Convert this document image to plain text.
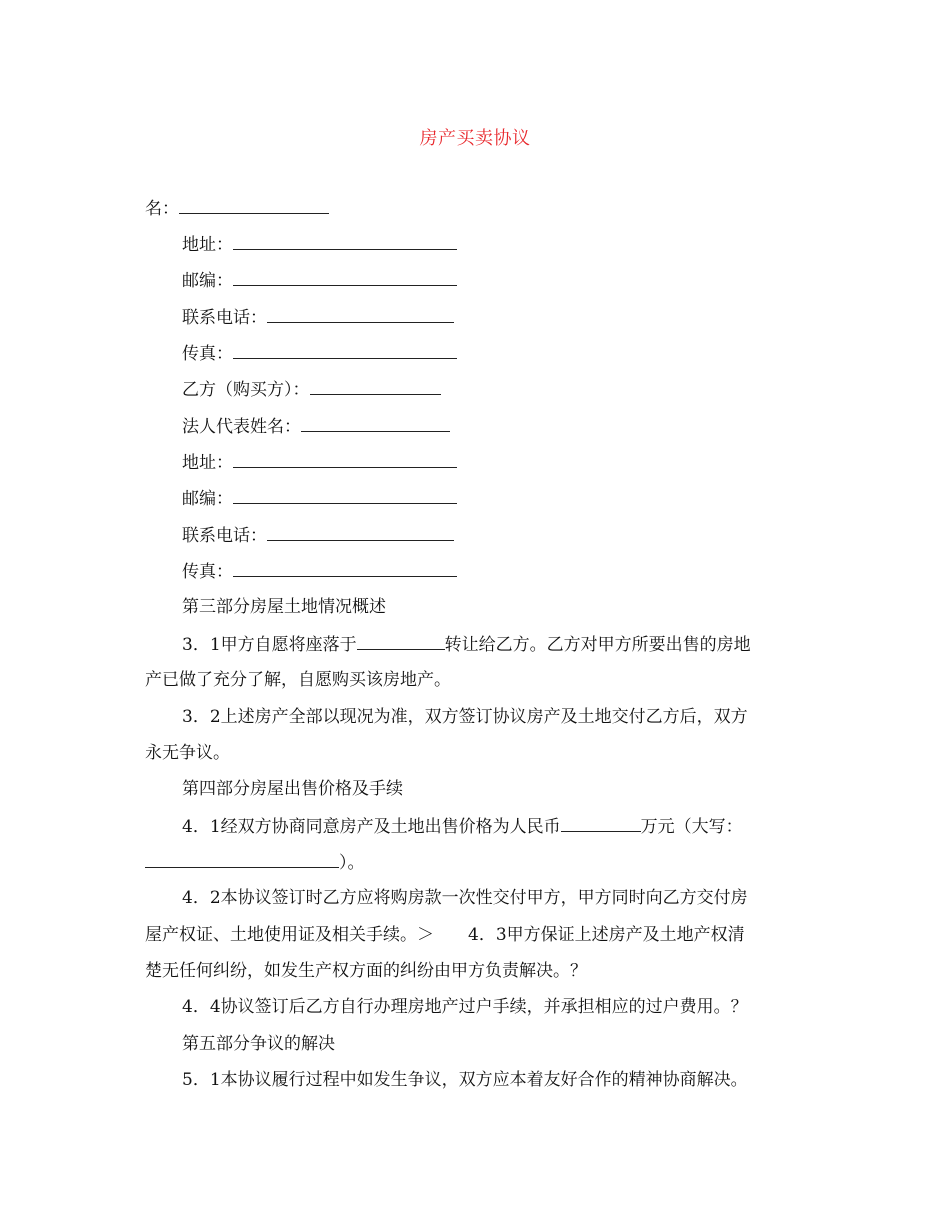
房产买卖协议
名：
地址：
邮编：
联系电话：
传真：
乙方（购买方）：
法人代表姓名：
地址：
邮编：
联系电话：
传真：
第三部分房屋土地情况概述
3．1甲方自愿将座落于	转让给乙方。乙方对甲方所要出售的房地
产已做了充分了解，自愿购买该房地产。
3．2上述房产全部以现况为准，双方签订协议房产及土地交付乙方后，双方
永无争议。
第四部分房屋出售价格及手续
4．1经双方协商同意房产及土地出售价格为人民币	万元（大写：
）。
4．2本协议签订时乙方应将购房款一次性交付甲方，甲方同时向乙方交付房
屋产权证、土地使用证及相关手续。＞　　4．3甲方保证上述房产及土地产权清
楚无任何纠纷，如发生产权方面的纠纷由甲方负责解决。？
4．4协议签订后乙方自行办理房地产过户手续，并承担相应的过户费用。？
第五部分争议的解决
5．1本协议履行过程中如发生争议，双方应本着友好合作的精神协商解决。
